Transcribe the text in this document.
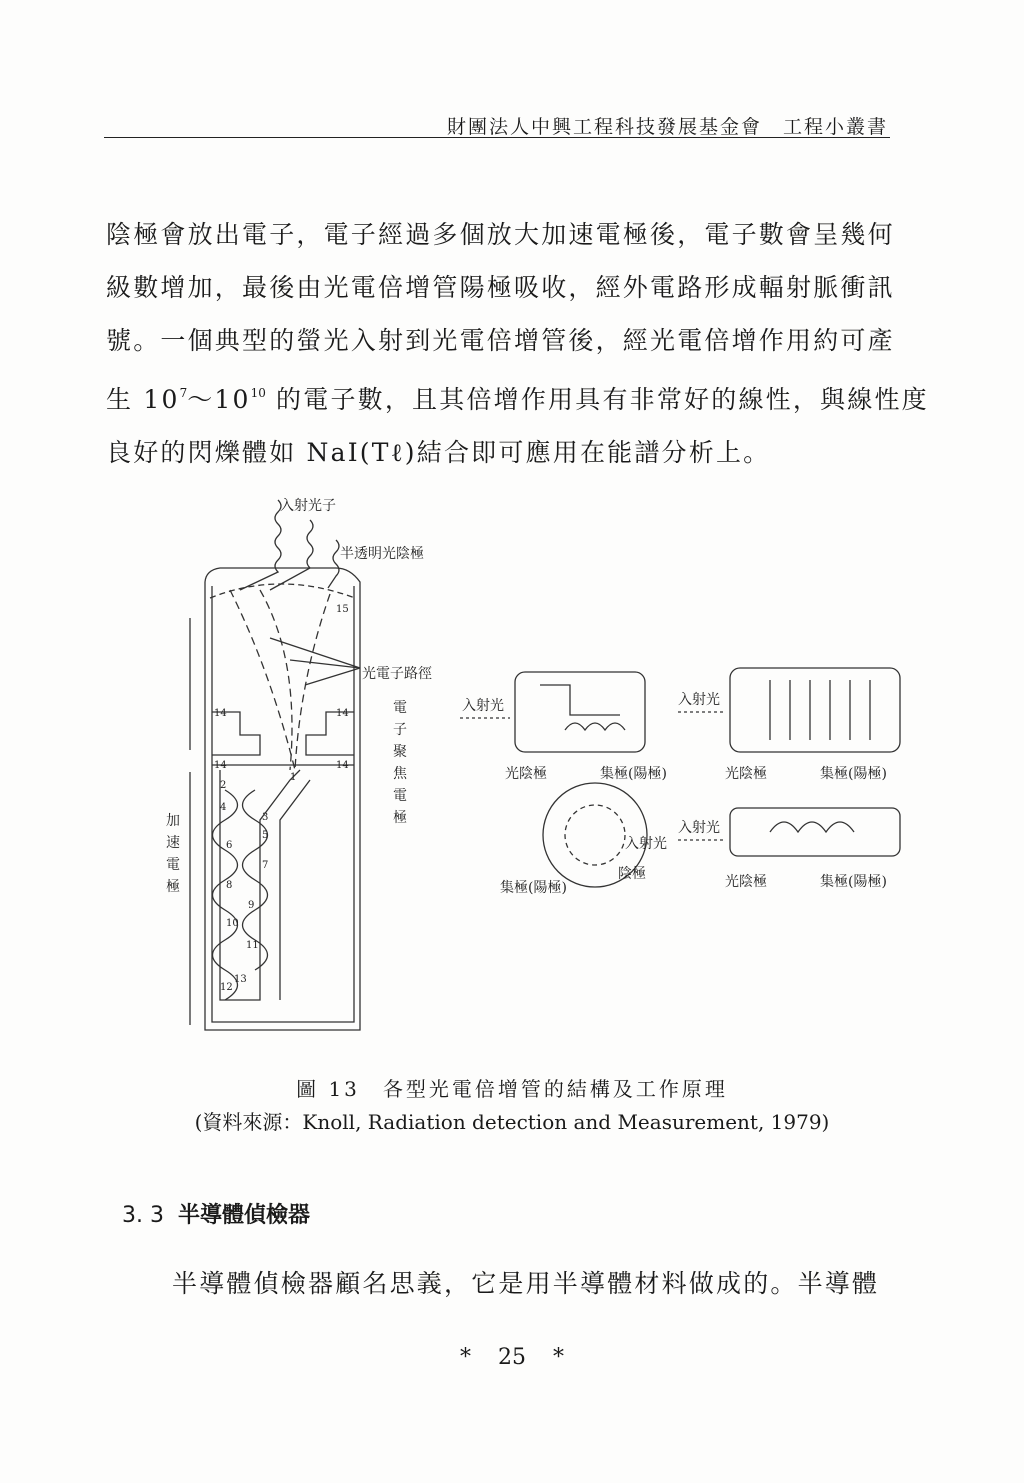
財團法人中興工程科技發展基金會　工程小叢書
陰極會放出電子，電子經過多個放大加速電極後，電子數會呈幾何
級數增加，最後由光電倍增管陽極吸收，經外電路形成輻射脈衝訊
號。一個典型的螢光入射到光電倍增管後，經光電倍增作用約可產
生 $10^7\sim 10^{10}$ 的電子數，且其倍增作用具有非常好的線性，與線性度
良好的閃爍體如 NaI(Tℓ)結合即可應用在能譜分析上。
入射光子
半透明光陰極
15
光電子路徑
14	14
14	14
電
子
聚
焦
電
極
加
速
電
極
1
2
3
4
5
6
7
8
9
10
11
12
13
入射光	入射光
入射光
入射光
光陰極	集極(陽極)	光陰極	集極(陽極)
集極(陽極)
陰極	光陰極	集極(陽極)
圖 13　各型光電倍增管的結構及工作原理
(資料來源：Knoll, Radiation detection and Measurement, 1979)
3. 3 半導體偵檢器

半導體偵檢器顧名思義，它是用半導體材料做成的。半導體

* 25 *
